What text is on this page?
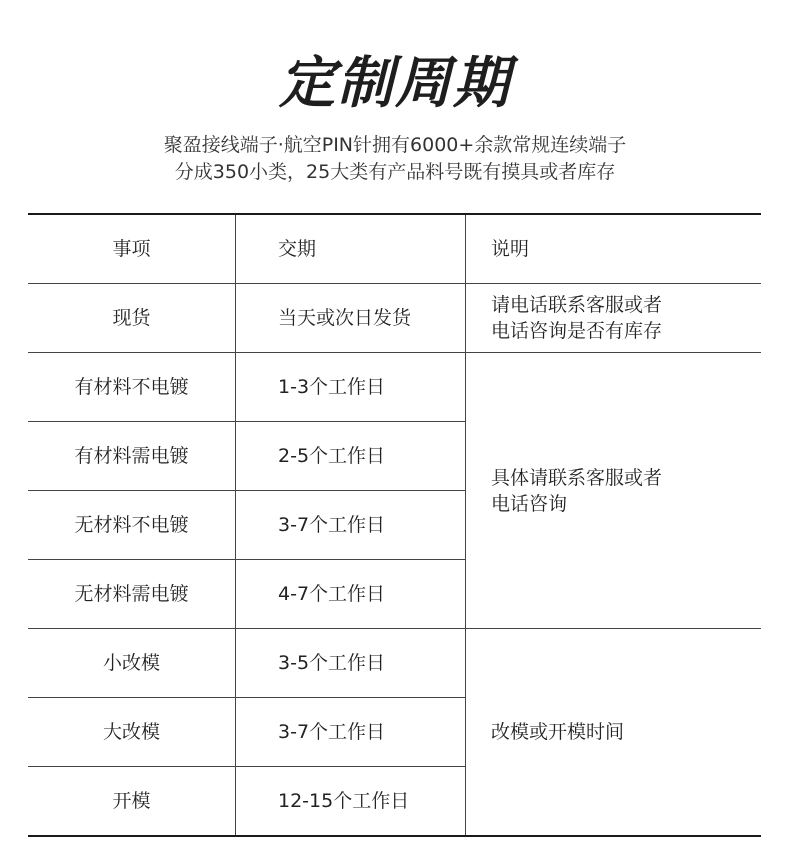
定制周期

聚盈接线端子·航空PIN针拥有6000+余款常规连续端子

分成350小类，25大类有产品料号既有摸具或者库存

事项	交期	说明
现货	当天或次日发货	请电话联系客服或者
电话咨询是否有库存

有材料不电镀	1-3个工作日	具体请联系客服或者
电话咨询

有材料需电镀	2-5个工作日	
无材料不电镀	3-7个工作日	
无材料需电镀	4-7个工作日	
小改模	3-5个工作日	改模或开模时间

大改模	3-7个工作日	
开模	12-15个工作日	
